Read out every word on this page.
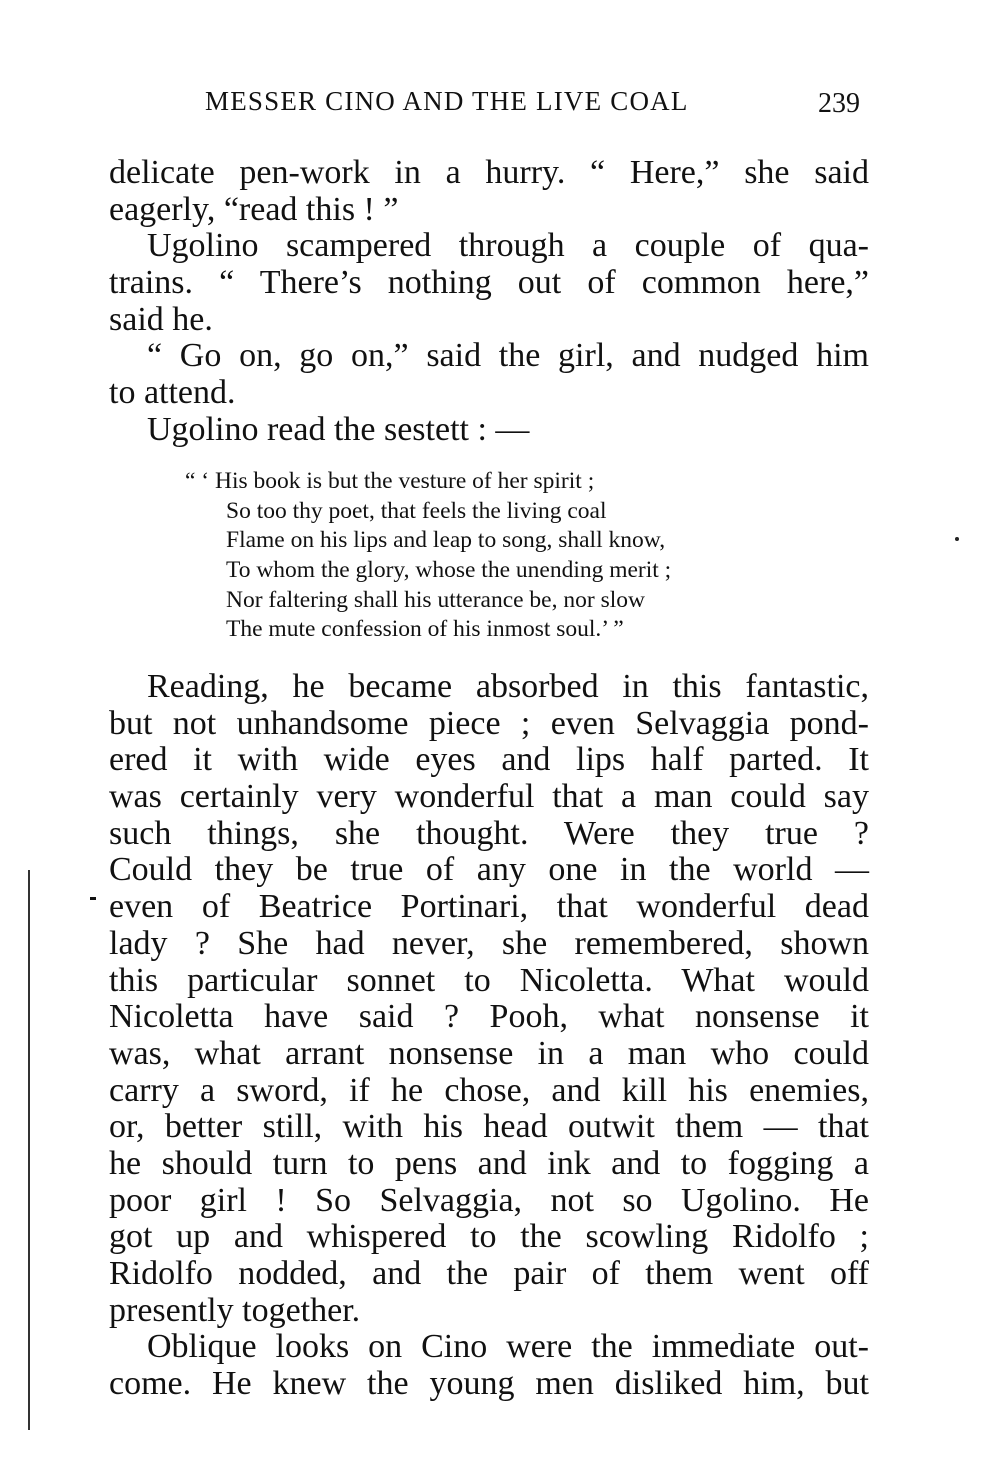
MESSER CINO AND THE LIVE COAL	239
delicate pen-work in a hurry. “ Here,” she said
eagerly, “read this ! ”
Ugolino scampered through a couple of qua-
trains. “ There’s nothing out of common here,”
said he.
“ Go on, go on,” said the girl, and nudged him
to attend.
Ugolino read the sestett : —
“ ‘ His book is but the vesture of her spirit ;
So too thy poet, that feels the living coal
Flame on his lips and leap to song, shall know,
To whom the glory, whose the unending merit ;
Nor faltering shall his utterance be, nor slow
The mute confession of his inmost soul.’ ”
Reading, he became absorbed in this fantastic,
but not unhandsome piece ; even Selvaggia pond-
ered it with wide eyes and lips half parted. It
was certainly very wonderful that a man could say
such things, she thought. Were they true ?
Could they be true of any one in the world —
even of Beatrice Portinari, that wonderful dead
lady ? She had never, she remembered, shown
this particular sonnet to Nicoletta. What would
Nicoletta have said ? Pooh, what nonsense it
was, what arrant nonsense in a man who could
carry a sword, if he chose, and kill his enemies,
or, better still, with his head outwit them — that
he should turn to pens and ink and to fogging a
poor girl ! So Selvaggia, not so Ugolino. He
got up and whispered to the scowling Ridolfo ;
Ridolfo nodded, and the pair of them went off
presently together.
Oblique looks on Cino were the immediate out-
come. He knew the young men disliked him, but
